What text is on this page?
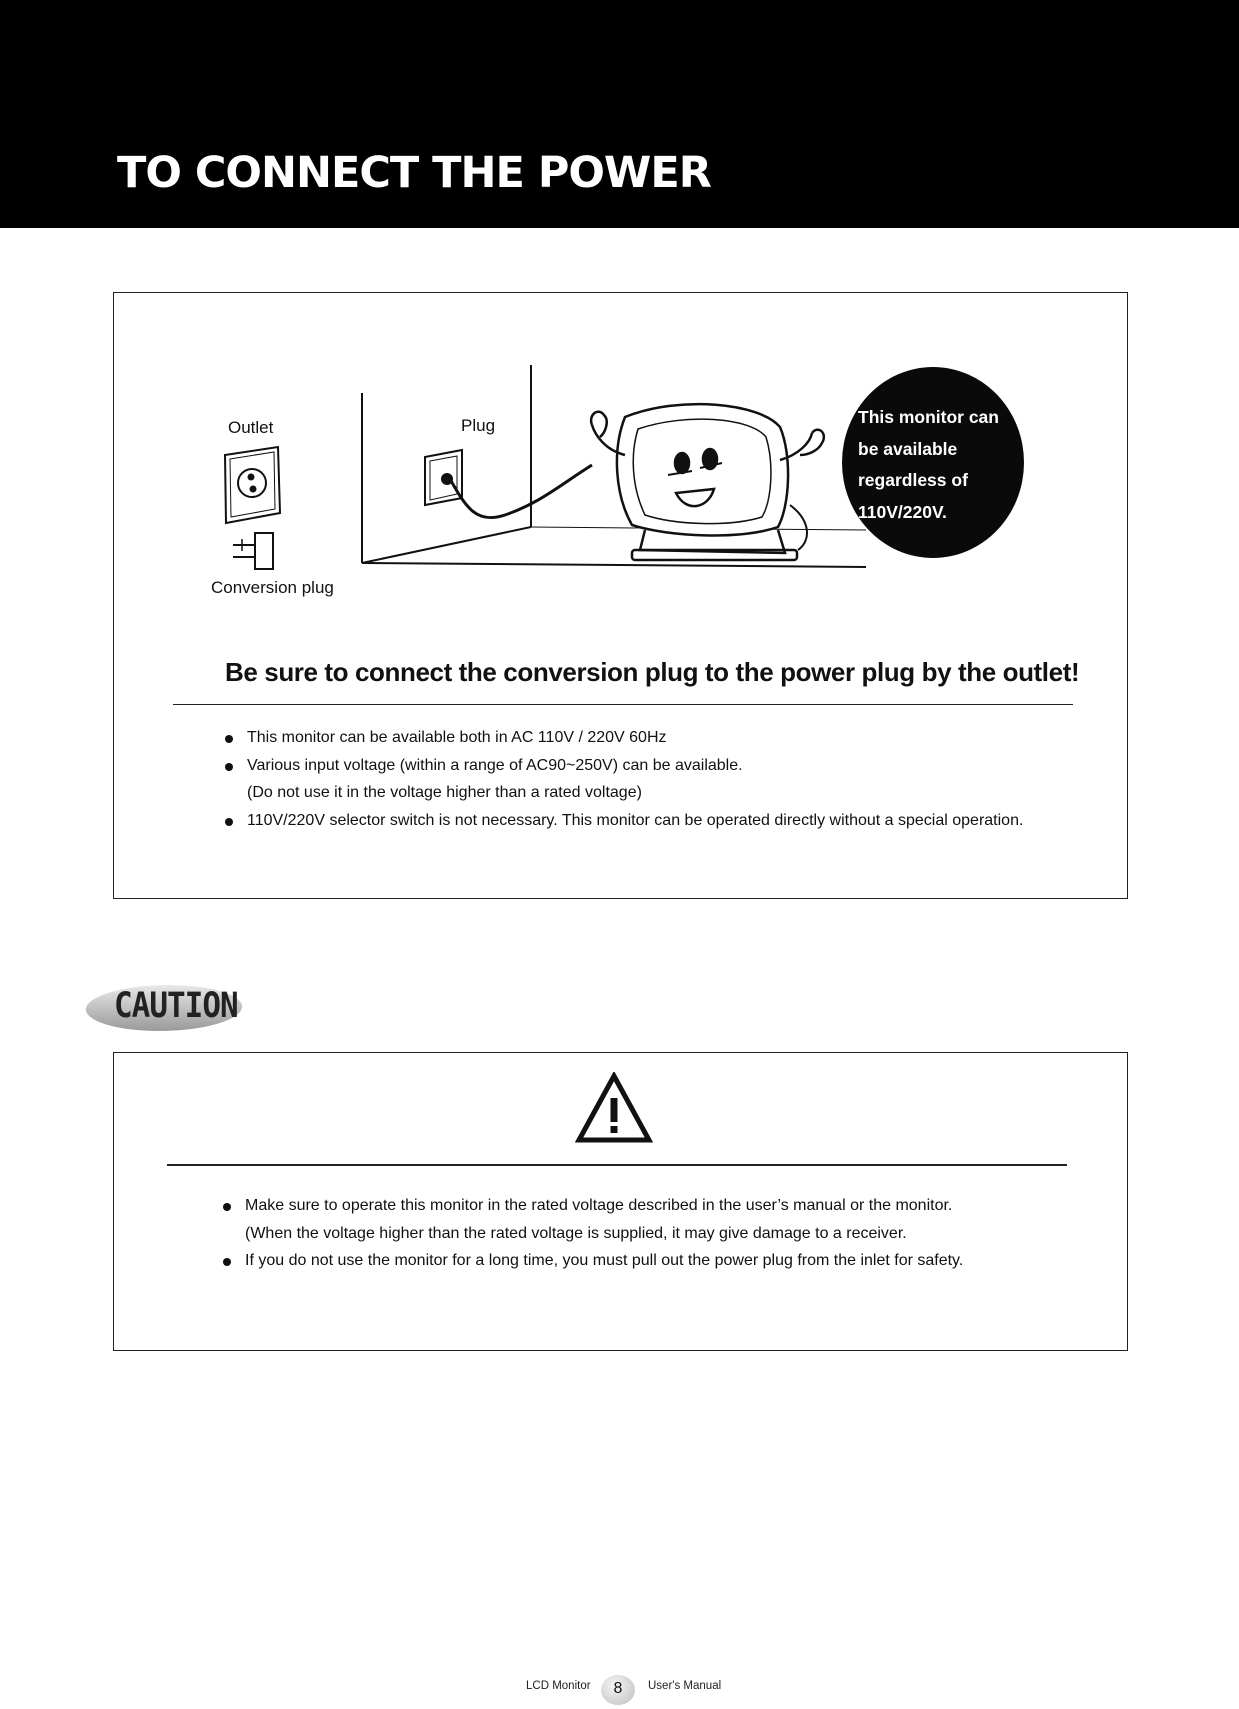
TO CONNECT THE POWER
Outlet	Plug
Conversion plug
This monitor can
be available
regardless of
110V/220V.
Be sure to connect the conversion plug to the power plug by the outlet!
This monitor can be available both in AC 110V / 220V 60Hz
Various input voltage (within a range of AC90~250V) can be available.
(Do not use it in the voltage higher than a rated voltage)
110V/220V selector switch is not necessary. This monitor can be operated directly without a special operation.
CAUTION
Make sure to operate this monitor in the rated voltage described in the user’s manual or the monitor.
(When the voltage higher than the rated voltage is supplied, it may give damage to a receiver.
If you do not use the monitor for a long time, you must pull out the power plug from the inlet for safety.
LCD Monitor	8	User's Manual
